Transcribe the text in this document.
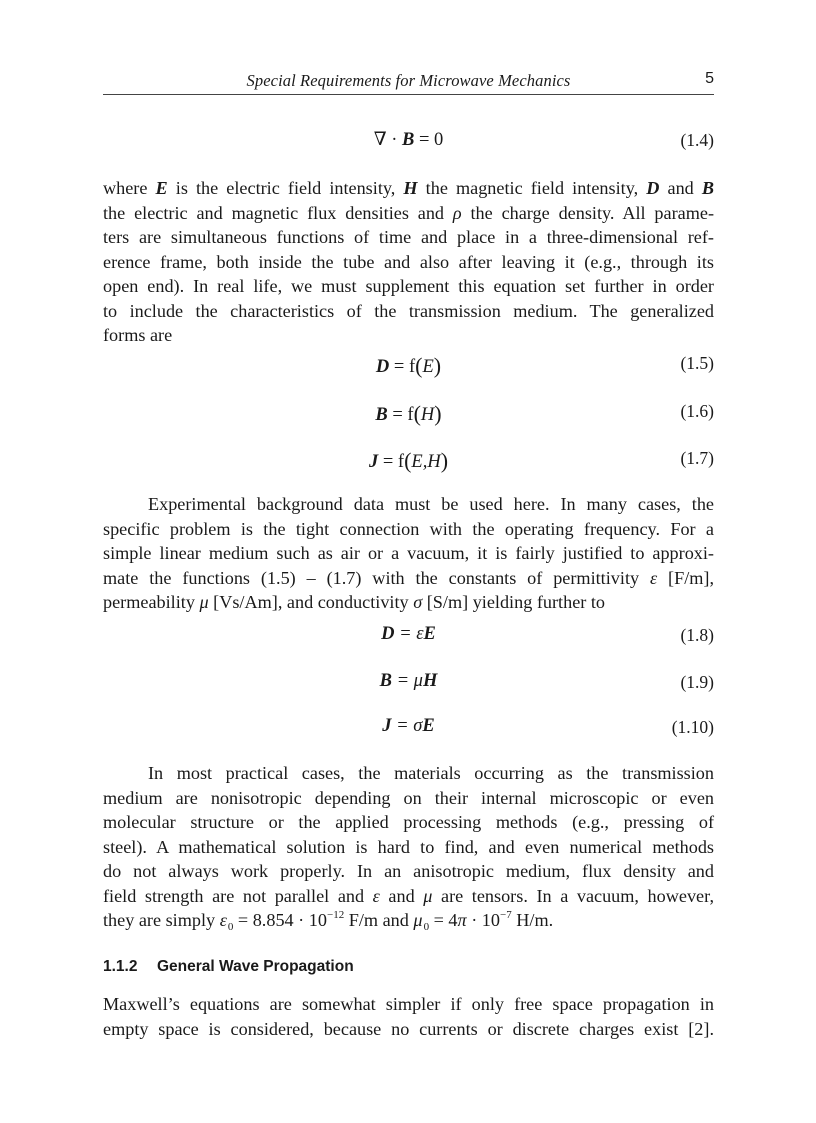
Special Requirements for Microwave Mechanics	5
∇ · B = 0	(1.4)
where E is the electric field intensity, H the magnetic field intensity, D and B
the electric and magnetic flux densities and ρ the charge density. All parame-
ters are simultaneous functions of time and place in a three-dimensional ref-
erence frame, both inside the tube and also after leaving it (e.g., through its
open end). In real life, we must supplement this equation set further in order
to include the characteristics of the transmission medium. The generalized
forms are
D = f(E)	(1.5)
B = f(H)	(1.6)
J = f(E,H)	(1.7)
Experimental background data must be used here. In many cases, the
specific problem is the tight connection with the operating frequency. For a
simple linear medium such as air or a vacuum, it is fairly justified to approxi-
mate the functions (1.5) – (1.7) with the constants of permittivity ε [F/m],
permeability μ [Vs/Am], and conductivity σ [S/m] yielding further to
D = εE	(1.8)
B = μH	(1.9)
J = σE	(1.10)
In most practical cases, the materials occurring as the transmission
medium are nonisotropic depending on their internal microscopic or even
molecular structure or the applied processing methods (e.g., pressing of
steel). A mathematical solution is hard to find, and even numerical methods
do not always work properly. In an anisotropic medium, flux density and
field strength are not parallel and ε and μ are tensors. In a vacuum, however,
they are simply $\varepsilon_0 = 8.854 \cdot 10^{-12}$ F/m and $\mu_0 = 4\pi \cdot 10^{-7}$ H/m.
1.1.2 General Wave Propagation
Maxwell’s equations are somewhat simpler if only free space propagation in
empty space is considered, because no currents or discrete charges exist [2].
